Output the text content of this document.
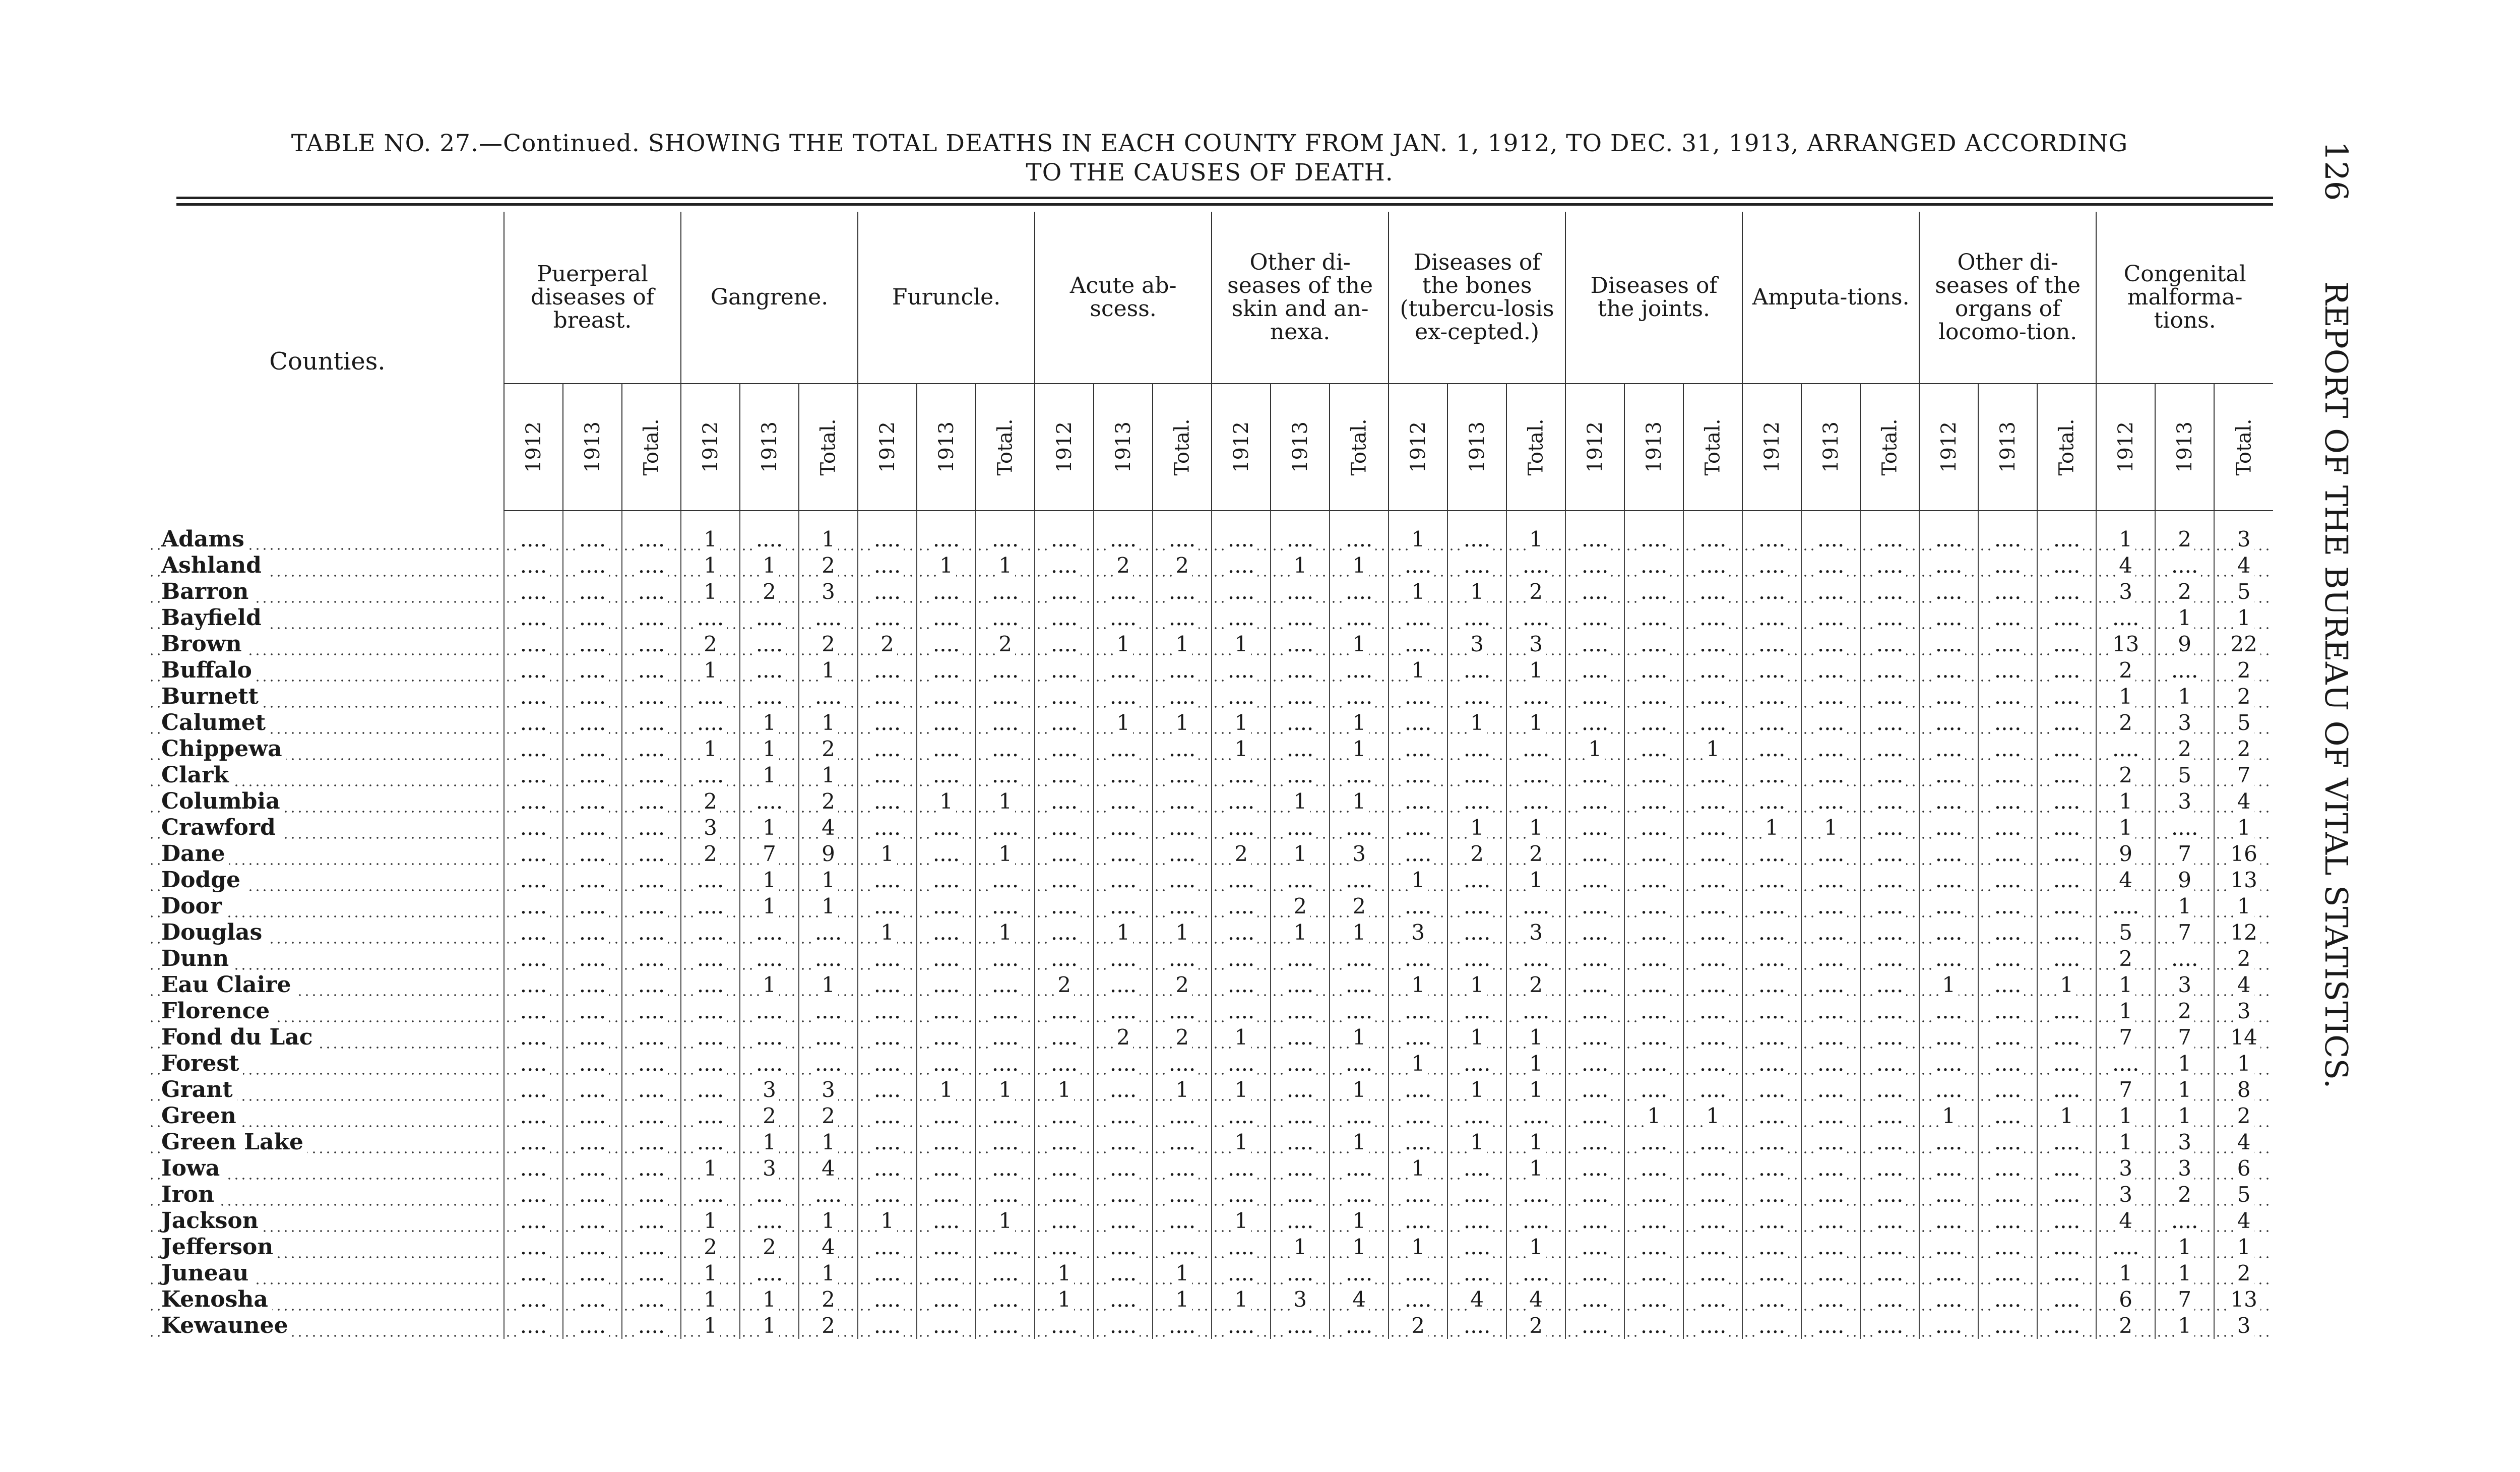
TABLE NO. 27.—Continued. SHOWING THE TOTAL DEATHS IN EACH COUNTY FROM JAN. 1, 1912, TO DEC. 31, 1913, ARRANGED ACCORDING
TO THE CAUSES OF DEATH.	126 REPORT OF THE BUREAU OF VITAL STATISTICS.
Counties.	Puerperal diseases of breast.			Gangrene.			Furuncle.			Acute ab-scess.			Other di-seases of the skin and an-nexa.			Diseases of the bones (tubercu-losis ex-cepted.)			Diseases of the joints.			Amputa-tions.			Other di-seases of the organs of locomo-tion.			Congenital malforma-tions.		
	1912	1913	Total.	1912	1913	Total.	1912	1913	Total.	1912	1913	Total.	1912	1913	Total.	1912	1913	Total.	1912	1913	Total.	1912	1913	Total.	1912	1913	Total.	1912	1913	Total.
Adams	....	....	....	1	....	1	....	....	....	....	....	....	....	....	....	1	....	1	....	....	....	....	....	....	....	....	....	1	2	3
Ashland	....	....	....	1	1	2	....	1	1	....	2	2	....	1	1	....	....	....	....	....	....	....	....	....	....	....	....	4	....	4
Barron	....	....	....	1	2	3	....	....	....	....	....	....	....	....	....	1	1	2	....	....	....	....	....	....	....	....	....	3	2	5
Bayfield	....	....	....	....	....	....	....	....	....	....	....	....	....	....	....	....	....	....	....	....	....	....	....	....	....	....	....	....	1	1
Brown	....	....	....	2	....	2	2	....	2	....	1	1	1	....	1	....	3	3	....	....	....	....	....	....	....	....	....	13	9	22
Buffalo	....	....	....	1	....	1	....	....	....	....	....	....	....	....	....	1	....	1	....	....	....	....	....	....	....	....	....	2	....	2
Burnett	....	....	....	....	....	....	....	....	....	....	....	....	....	....	....	....	....	....	....	....	....	....	....	....	....	....	....	1	1	2
Calumet	....	....	....	....	1	1	....	....	....	....	1	1	1	....	1	....	1	1	....	....	....	....	....	....	....	....	....	2	3	5
Chippewa	....	....	....	1	1	2	....	....	....	....	....	....	1	....	1	....	....	....	1	....	1	....	....	....	....	....	....	....	2	2
Clark	....	....	....	....	1	1	....	....	....	....	....	....	....	....	....	....	....	....	....	....	....	....	....	....	....	....	....	2	5	7
Columbia	....	....	....	2	....	2	....	1	1	....	....	....	....	1	1	....	....	....	....	....	....	....	....	....	....	....	....	1	3	4
Crawford	....	....	....	3	1	4	....	....	....	....	....	....	....	....	....	....	1	1	....	....	....	1	1	....	....	....	....	1	....	1
Dane	....	....	....	2	7	9	1	....	1	....	....	....	2	1	3	....	2	2	....	....	....	....	....	....	....	....	....	9	7	16
Dodge	....	....	....	....	1	1	....	....	....	....	....	....	....	....	....	1	....	1	....	....	....	....	....	....	....	....	....	4	9	13
Door	....	....	....	....	1	1	....	....	....	....	....	....	....	2	2	....	....	....	....	....	....	....	....	....	....	....	....	....	1	1
Douglas	....	....	....	....	....	....	1	....	1	....	1	1	....	1	1	3	....	3	....	....	....	....	....	....	....	....	....	5	7	12
Dunn	....	....	....	....	....	....	....	....	....	....	....	....	....	....	....	....	....	....	....	....	....	....	....	....	....	....	....	2	....	2
Eau Claire	....	....	....	....	1	1	....	....	....	2	....	2	....	....	....	1	1	2	....	....	....	....	....	....	1	....	1	1	3	4
Florence	....	....	....	....	....	....	....	....	....	....	....	....	....	....	....	....	....	....	....	....	....	....	....	....	....	....	....	1	2	3
Fond du Lac	....	....	....	....	....	....	....	....	....	....	2	2	1	....	1	....	1	1	....	....	....	....	....	....	....	....	....	7	7	14
Forest	....	....	....	....	....	....	....	....	....	....	....	....	....	....	....	1	....	1	....	....	....	....	....	....	....	....	....	....	1	1
Grant	....	....	....	....	3	3	....	1	1	1	....	1	1	....	1	....	1	1	....	....	....	....	....	....	....	....	....	7	1	8
Green	....	....	....	....	2	2	....	....	....	....	....	....	....	....	....	....	....	....	....	1	1	....	....	....	1	....	1	1	1	2
Green Lake	....	....	....	....	1	1	....	....	....	....	....	....	1	....	1	....	1	1	....	....	....	....	....	....	....	....	....	1	3	4
Iowa	....	....	....	1	3	4	....	....	....	....	....	....	....	....	....	1	....	1	....	....	....	....	....	....	....	....	....	3	3	6
Iron	....	....	....	....	....	....	....	....	....	....	....	....	....	....	....	....	....	....	....	....	....	....	....	....	....	....	....	3	2	5
Jackson	....	....	....	1	....	1	1	....	1	....	....	....	1	....	1	....	....	....	....	....	....	....	....	....	....	....	....	4	....	4
Jefferson	....	....	....	2	2	4	....	....	....	....	....	....	....	1	1	1	....	1	....	....	....	....	....	....	....	....	....	....	1	1
Juneau	....	....	....	1	....	1	....	....	....	1	....	1	....	....	....	....	....	....	....	....	....	....	....	....	....	....	....	1	1	2
Kenosha	....	....	....	1	1	2	....	....	....	1	....	1	1	3	4	....	4	4	....	....	....	....	....	....	....	....	....	6	7	13
Kewaunee	....	....	....	1	1	2	....	....	....	....	....	....	....	....	....	2	....	2	....	....	....	....	....	....	....	....	....	2	1	3
